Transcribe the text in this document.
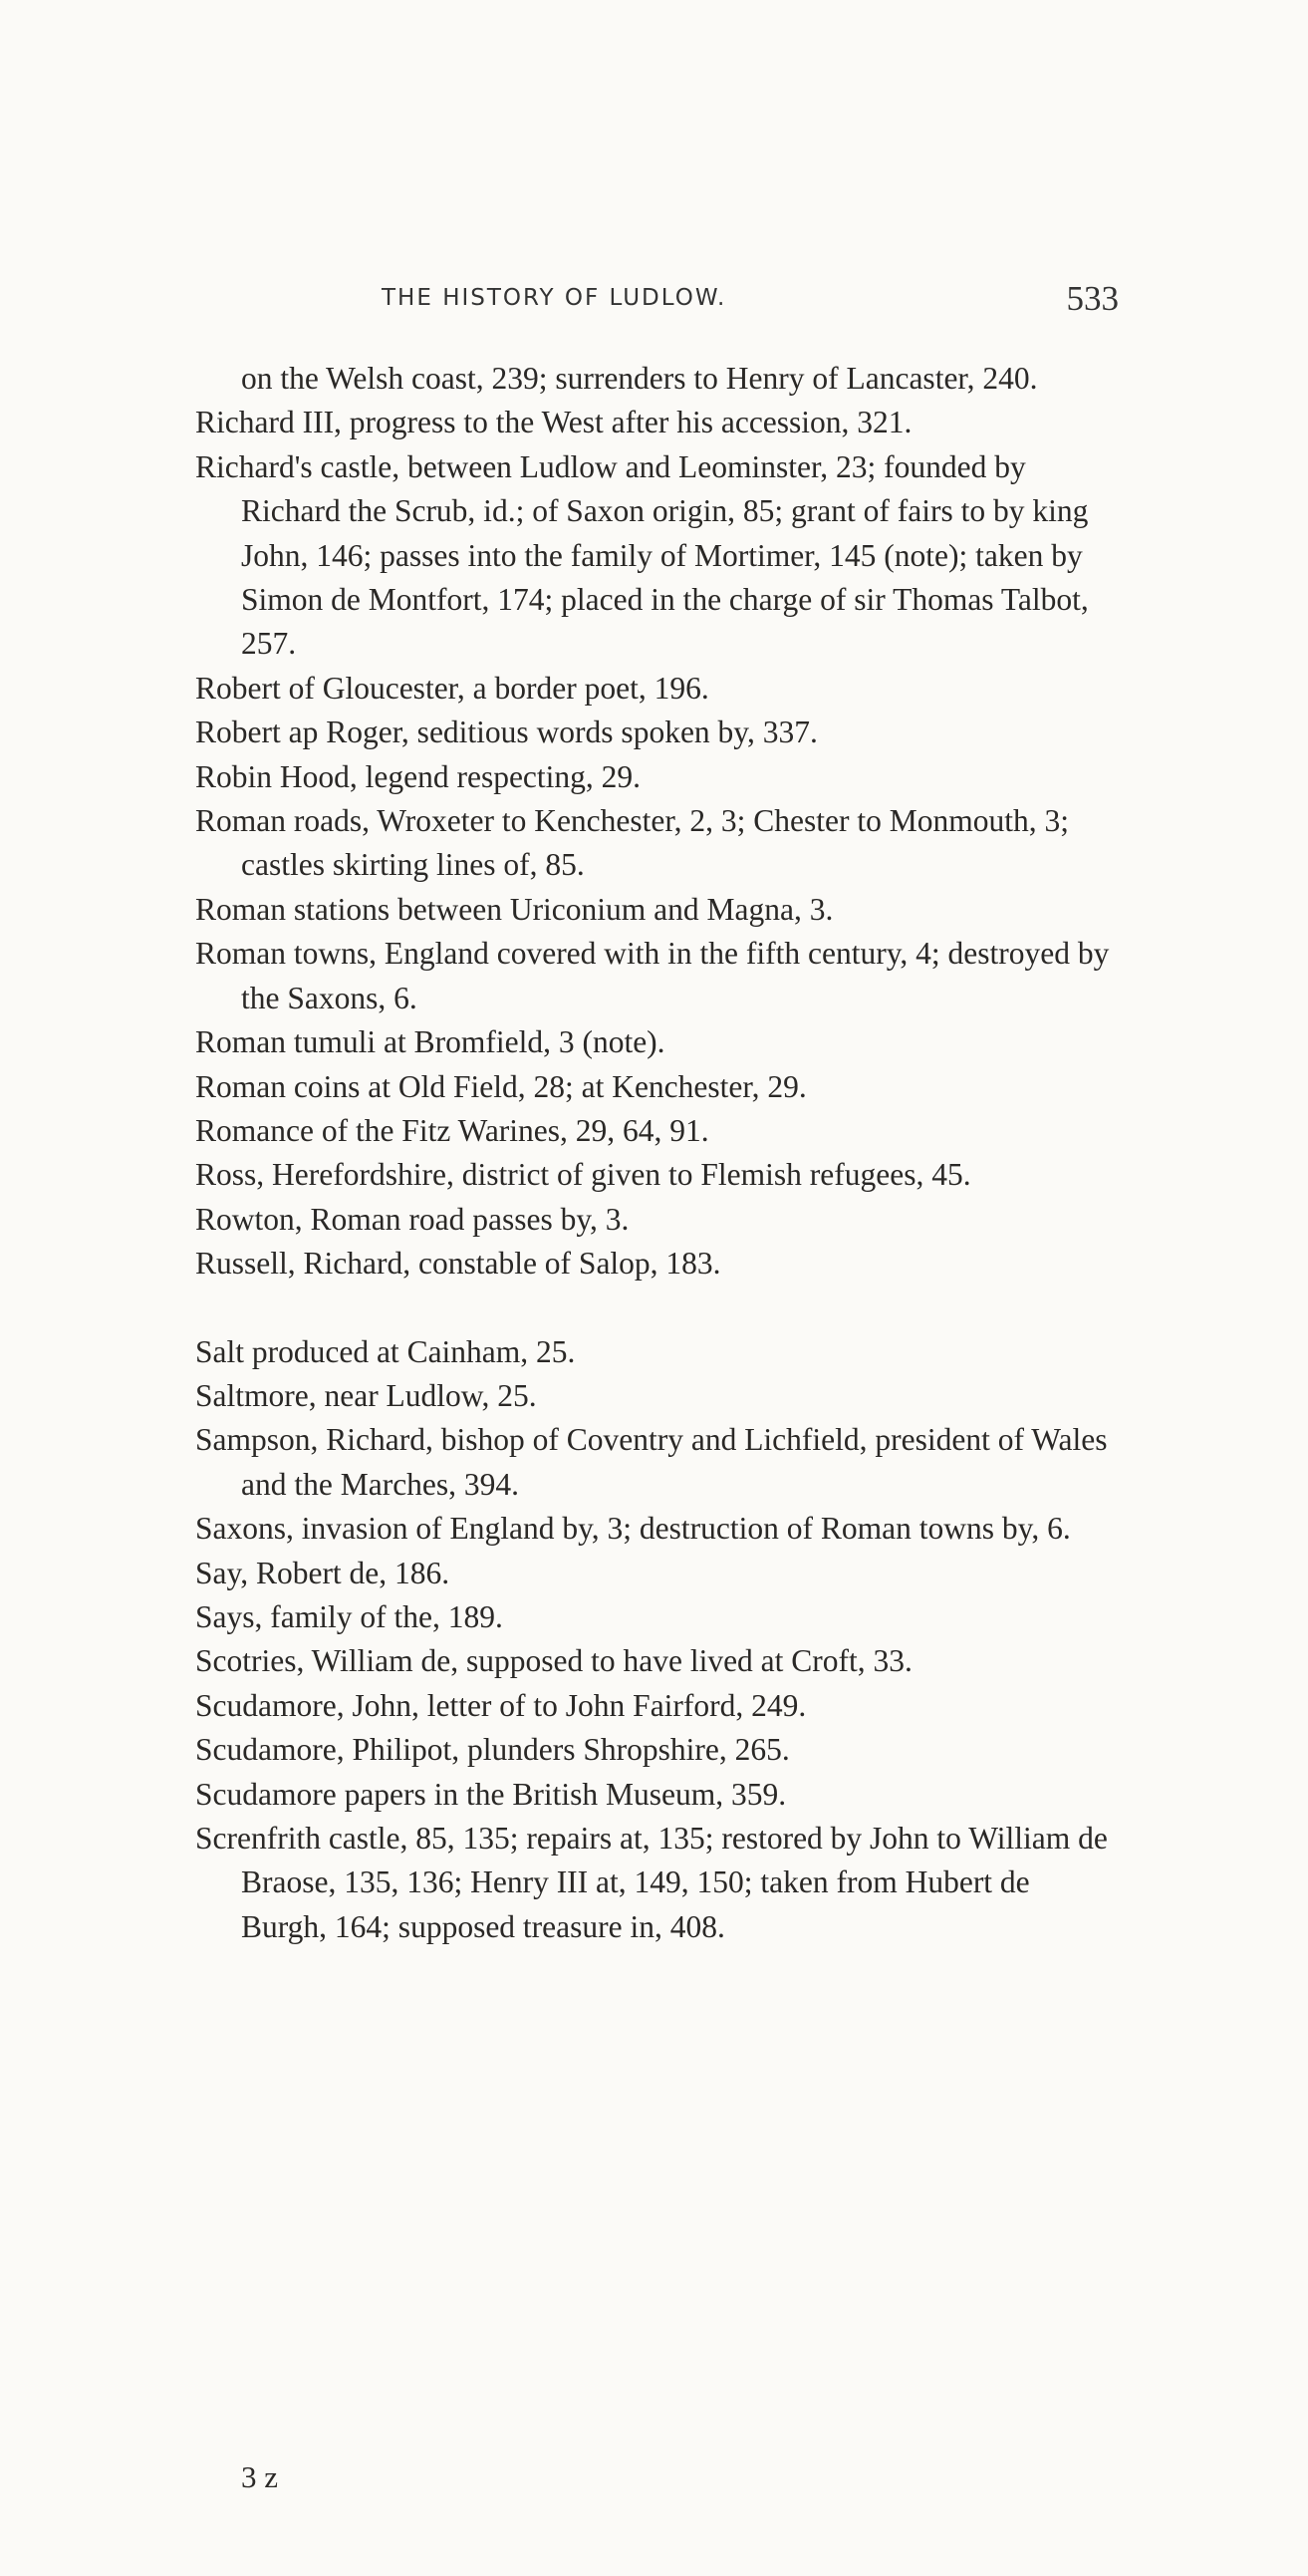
THE HISTORY OF LUDLOW.	533

on the Welsh coast, 239; surrenders to Henry of Lancaster, 240.

Richard III, progress to the West after his accession, 321.

Richard's castle, between Ludlow and Leominster, 23; founded by Richard the Scrub, id.; of Saxon origin, 85; grant of fairs to by king John, 146; passes into the family of Mortimer, 145 (note); taken by Simon de Montfort, 174; placed in the charge of sir Thomas Talbot, 257.

Robert of Gloucester, a border poet, 196.

Robert ap Roger, seditious words spoken by, 337.

Robin Hood, legend respecting, 29.

Roman roads, Wroxeter to Kenchester, 2, 3; Chester to Monmouth, 3; castles skirting lines of, 85.

Roman stations between Uriconium and Magna, 3.

Roman towns, England covered with in the fifth century, 4; destroyed by the Saxons, 6.

Roman tumuli at Bromfield, 3 (note).

Roman coins at Old Field, 28; at Kenchester, 29.

Romance of the Fitz Warines, 29, 64, 91.

Ross, Herefordshire, district of given to Flemish refugees, 45.

Rowton, Roman road passes by, 3.

Russell, Richard, constable of Salop, 183.

Salt produced at Cainham, 25.

Saltmore, near Ludlow, 25.

Sampson, Richard, bishop of Coventry and Lichfield, president of Wales and the Marches, 394.

Saxons, invasion of England by, 3; destruction of Roman towns by, 6.

Say, Robert de, 186.

Says, family of the, 189.

Scotries, William de, supposed to have lived at Croft, 33.

Scudamore, John, letter of to John Fairford, 249.

Scudamore, Philipot, plunders Shropshire, 265.

Scudamore papers in the British Museum, 359.

Screnfrith castle, 85, 135; repairs at, 135; restored by John to William de Braose, 135, 136; Henry III at, 149, 150; taken from Hubert de Burgh, 164; supposed treasure in, 408.

3 z
